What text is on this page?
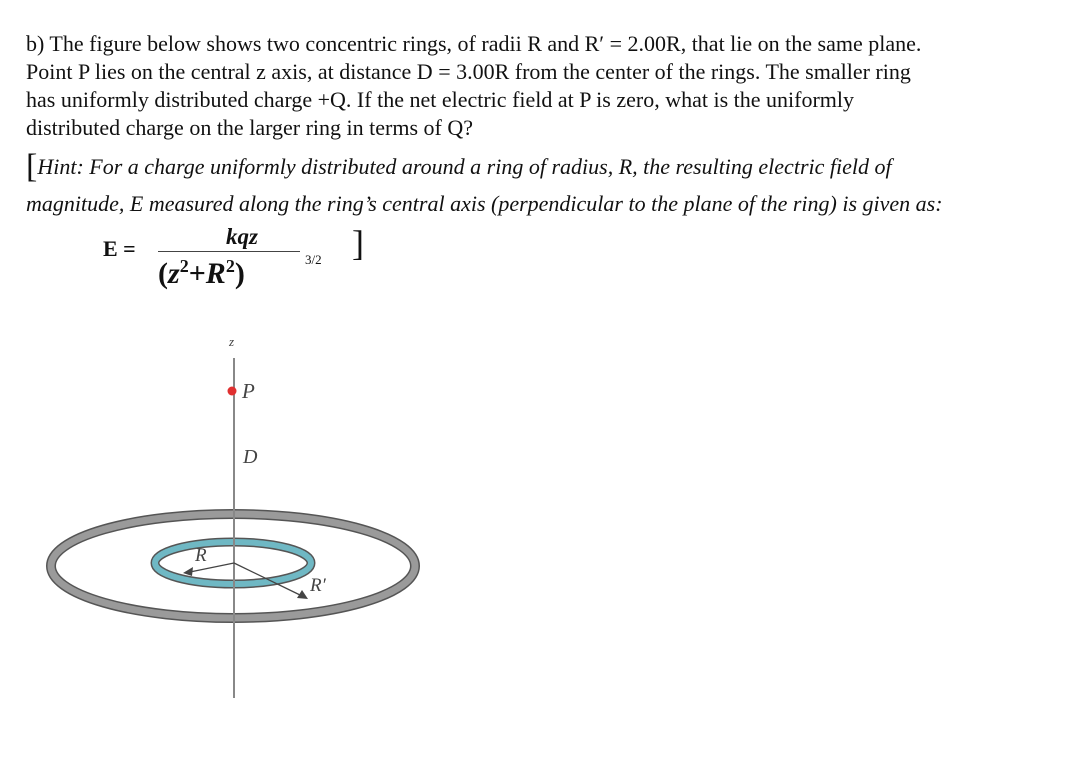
b) The figure below shows two concentric rings, of radii R and R′ = 2.00R, that lie on the same plane.

Point P lies on the central z axis, at distance D = 3.00R from the center of the rings. The smaller ring

has uniformly distributed charge +Q. If the net electric field at P is zero, what is the uniformly

distributed charge on the larger ring in terms of Q?

[Hint: For a charge uniformly distributed around a ring of radius, R, the resulting electric field of
magnitude, E measured along the ring’s central axis (perpendicular to the plane of the ring) is given as:
E =	kqz
$(z^2+R^2)$	3/2 ]
z
P
D
R
R′
